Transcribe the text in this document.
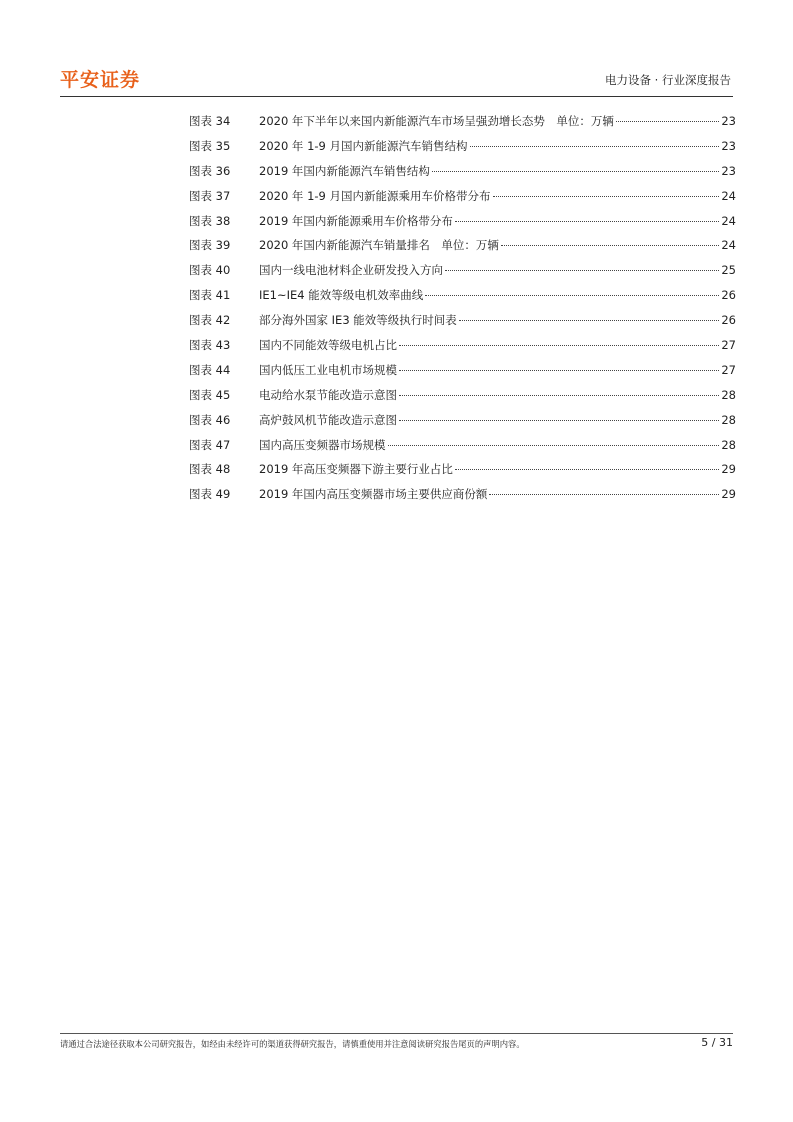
平安证券	电力设备 · 行业深度报告
图表 34	2020 年下半年以来国内新能源汽车市场呈强劲增长态势　单位：万辆	23
图表 35	2020 年 1-9 月国内新能源汽车销售结构	23
图表 36	2019 年国内新能源汽车销售结构	23
图表 37	2020 年 1-9 月国内新能源乘用车价格带分布	24
图表 38	2019 年国内新能源乘用车价格带分布	24
图表 39	2020 年国内新能源汽车销量排名　单位：万辆	24
图表 40	国内一线电池材料企业研发投入方向	25
图表 41	IE1~IE4 能效等级电机效率曲线	26
图表 42	部分海外国家 IE3 能效等级执行时间表	26
图表 43	国内不同能效等级电机占比	27
图表 44	国内低压工业电机市场规模	27
图表 45	电动给水泵节能改造示意图	28
图表 46	高炉鼓风机节能改造示意图	28
图表 47	国内高压变频器市场规模	28
图表 48	2019 年高压变频器下游主要行业占比	29
图表 49	2019 年国内高压变频器市场主要供应商份额	29
请通过合法途径获取本公司研究报告，如经由未经许可的渠道获得研究报告，请慎重使用并注意阅读研究报告尾页的声明内容。	5 / 31
